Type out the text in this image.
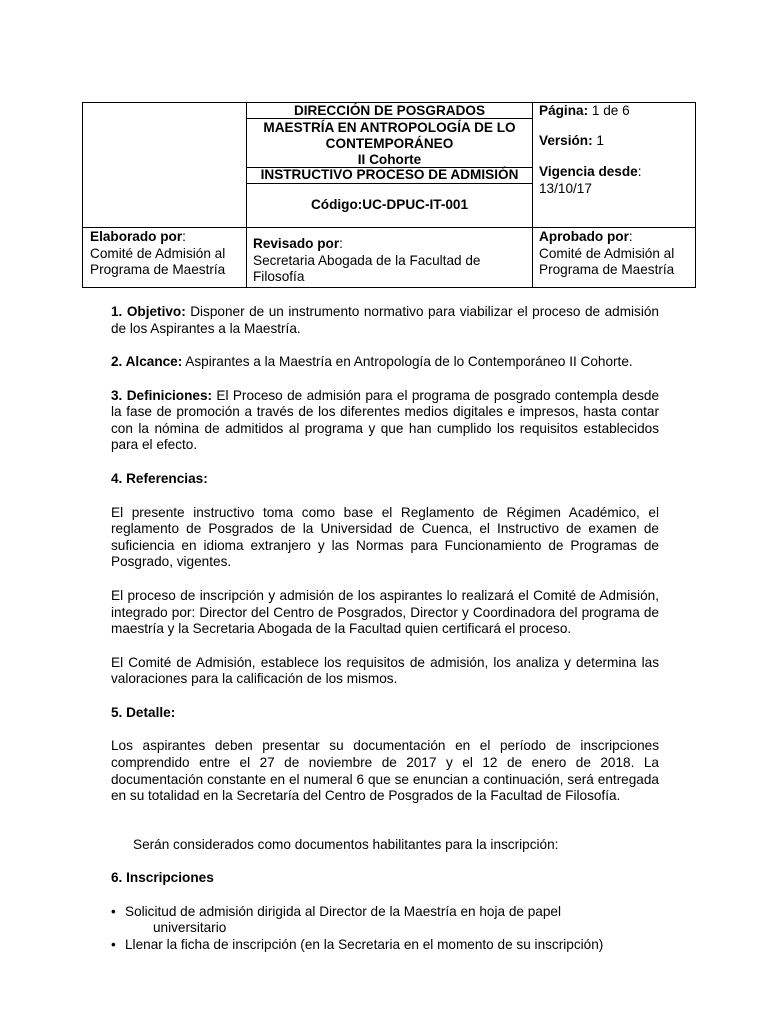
DIRECCIÓN DE POSGRADOS
MAESTRÍA EN ANTROPOLOGÍA DE LO
CONTEMPORÁNEO
II Cohorte
INSTRUCTIVO PROCESO DE ADMISIÓN
Código:UC-DPUC-IT-001
Página: 1 de 6
Versión: 1
Vigencia desde:
13/10/17
Elaborado por:
Comité de Admisión al
Programa de Maestría
Revisado por:
Secretaria Abogada de la Facultad de
Filosofía
Aprobado por:
Comité de Admisión al
Programa de Maestría

1. Objetivo: Disponer de un instrumento normativo para viabilizar el proceso de admisión de los Aspirantes a la Maestría.

2. Alcance: Aspirantes a la Maestría en Antropología de lo Contemporáneo II Cohorte.

3. Definiciones: El Proceso de admisión para el programa de posgrado contempla desde la fase de promoción a través de los diferentes medios digitales e impresos, hasta contar con la nómina de admitidos al programa y que han cumplido los requisitos establecidos para el efecto.

4. Referencias:

El presente instructivo toma como base el Reglamento de Régimen Académico, el reglamento de Posgrados de la Universidad de Cuenca, el Instructivo de examen de suficiencia en idioma extranjero y las Normas para Funcionamiento de Programas de Posgrado, vigentes.

El proceso de inscripción y admisión de los aspirantes lo realizará el Comité de Admisión, integrado por: Director del Centro de Posgrados, Director y Coordinadora del programa de maestría y la Secretaria Abogada de la Facultad quien certificará el proceso.

El Comité de Admisión, establece los requisitos de admisión, los analiza y determina las valoraciones para la calificación de los mismos.

5. Detalle:

Los aspirantes deben presentar su documentación en el período de inscripciones comprendido entre el 27 de noviembre de 2017 y el 12 de enero de 2018. La documentación constante en el numeral 6 que se enuncian a continuación, será entregada en su totalidad en la Secretaría del Centro de Posgrados de la Facultad de Filosofía.

Serán considerados como documentos habilitantes para la inscripción:

6. Inscripciones

• Solicitud de admisión dirigida al Director de la Maestría en hoja de papel
universitario
• Llenar la ficha de inscripción (en la Secretaria en el momento de su inscripción)
